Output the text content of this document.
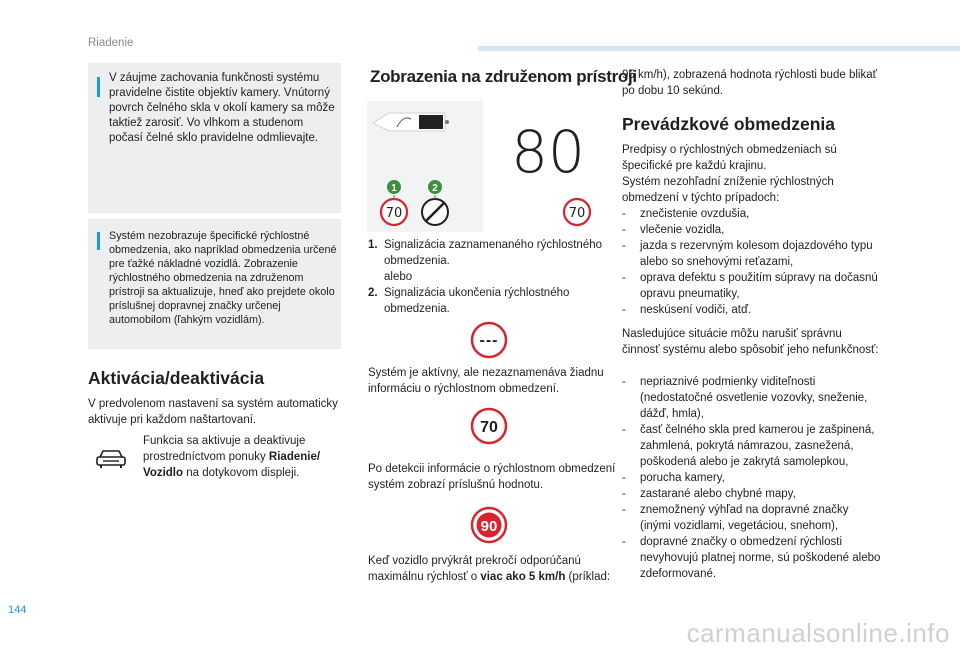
Riadenie
144

V záujme zachovania funkčnosti systému pravidelne čistite objektív kamery. Vnútorný povrch čelného skla v okolí kamery sa môže taktiež zarosiť. Vo vlhkom a studenom počasí čelné sklo pravidelne odmlievajte.

Systém nezobrazuje špecifické rýchlostné obmedzenia, ako napríklad obmedzenia určené pre ťažké nákladné vozidlá. Zobrazenie rýchlostného obmedzenia na združenom prístroji sa aktualizuje, hneď ako prejdete okolo príslušnej dopravnej značky určenej automobilom (ľahkým vozidlám).

Aktivácia/deaktivácia

V predvolenom nastavení sa systém automaticky aktivuje pri každom naštartovaní.

Funkcia sa aktivuje a deaktivuje prostredníctvom ponuky Riadenie/ Vozidlo na dotykovom displeji.

Zobrazenia na združenom prístroji
80
70	70
1	2
1. Signalizácia zaznamenaného rýchlostného obmedzenia.
alebo
2. Signalizácia ukončenia rýchlostného obmedzenia.
---

Systém je aktívny, ale nezaznamenáva žiadnu informáciu o rýchlostnom obmedzení.

70

Po detekcii informácie o rýchlostnom obmedzení systém zobrazí príslušnú hodnotu.

90

Keď vozidlo prvýkrát prekročí odporúčanú maximálnu rýchlosť o viac ako 5 km/h (príklad:

95 km/h), zobrazená hodnota rýchlosti bude blikať po dobu 10 sekúnd.

Prevádzkové obmedzenia

Predpisy o rýchlostných obmedzeniach sú špecifické pre každú krajinu.
Systém nezohľadní zníženie rýchlostných obmedzení v týchto prípadoch:

-	znečistenie ovzdušia,
-	vlečenie vozidla,
-	jazda s rezervným kolesom dojazdového typu alebo so snehovými reťazami,
-	oprava defektu s použitím súpravy na dočasnú opravu pneumatiky,
-	neskúsení vodiči, atď.

Nasledujúce situácie môžu narušiť správnu činnosť systému alebo spôsobiť jeho nefunkčnosť:

-	nepriaznivé podmienky viditeľnosti (nedostatočné osvetlenie vozovky, sneženie, dážď, hmla),
-	časť čelného skla pred kamerou je zašpinená, zahmlená, pokrytá námrazou, zasnežená, poškodená alebo je zakrytá samolepkou,
-	porucha kamery,
-	zastarané alebo chybné mapy,
-	znemožnený výhľad na dopravné značky (inými vozidlami, vegetáciou, snehom),
-	dopravné značky o obmedzení rýchlosti nevyhovujú platnej norme, sú poškodené alebo zdeformované.
carmanualsonline.info
